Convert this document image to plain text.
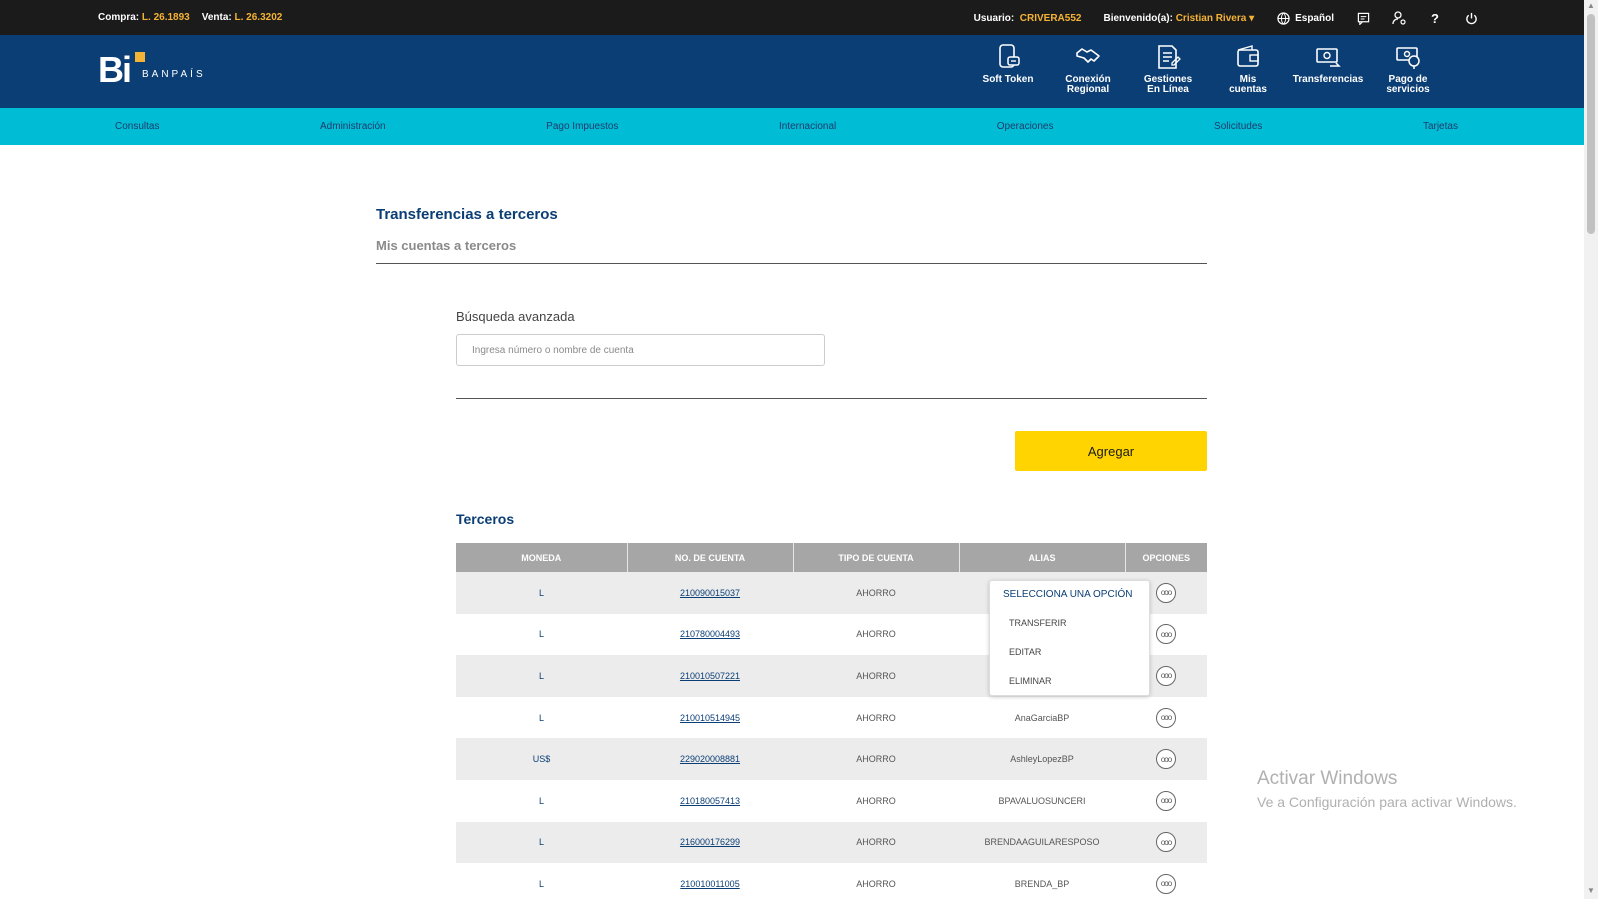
Compra: L. 26.1893 Venta: L. 26.3202	Usuario: CRIVERA552 Bienvenido(a): Cristian Rivera ▾	Español	?
Bi BANPAÍS	Soft Token	Conexión
Regional
Gestiones
En Línea
Mis
cuentas
Transferencias	Pago de
servicios
Consultas	Administración	Pago Impuestos	Internacional	Operaciones	Solicitudes	Tarjetas
Transferencias a terceros
Mis cuentas a terceros
Búsqueda avanzada
Ingresa número o nombre de cuenta
Agregar
Terceros
MONEDA	NO. DE CUENTA	TIPO DE CUENTA	ALIAS	OPCIONES
L	210090015037	AHORRO		ooo
L	210780004493	AHORRO		ooo
L	210010507221	AHORRO		ooo
L	210010514945	AHORRO	AnaGarciaBP	ooo
US$	229020008881	AHORRO	AshleyLopezBP	ooo
L	210180057413	AHORRO	BPAVALUOSUNCERI	ooo
L	216000176299	AHORRO	BRENDAAGUILARESPOSO	ooo
L	210010011005	AHORRO	BRENDA_BP	ooo
SELECCIONA UNA OPCIÓN
TRANSFERIR
EDITAR
ELIMINAR
Activar Windows
Ve a Configuración para activar Windows.
▲
▼
